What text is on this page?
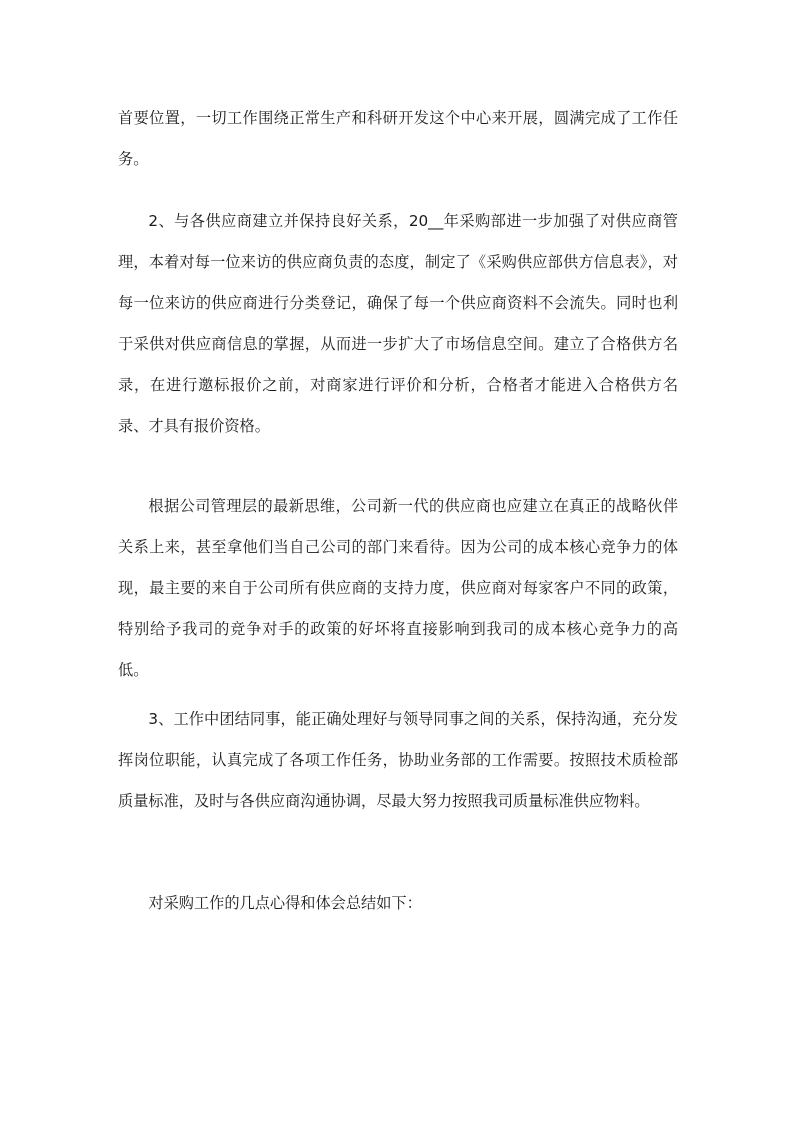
首要位置，一切工作围绕正常生产和科研开发这个中心来开展，圆满完成了工作任务。

2、与各供应商建立并保持良好关系，20__年采购部进一步加强了对供应商管理，本着对每一位来访的供应商负责的态度，制定了《采购供应部供方信息表》，对每一位来访的供应商进行分类登记，确保了每一个供应商资料不会流失。同时也利于采供对供应商信息的掌握，从而进一步扩大了市场信息空间。建立了合格供方名录，在进行邀标报价之前，对商家进行评价和分析，合格者才能进入合格供方名录、才具有报价资格。

根据公司管理层的最新思维，公司新一代的供应商也应建立在真正的战略伙伴关系上来，甚至拿他们当自己公司的部门来看待。因为公司的成本核心竞争力的体现，最主要的来自于公司所有供应商的支持力度，供应商对每家客户不同的政策，特别给予我司的竞争对手的政策的好坏将直接影响到我司的成本核心竞争力的高低。

3、工作中团结同事，能正确处理好与领导同事之间的关系，保持沟通，充分发挥岗位职能，认真完成了各项工作任务，协助业务部的工作需要。按照技术质检部质量标准，及时与各供应商沟通协调，尽最大努力按照我司质量标准供应物料。

对采购工作的几点心得和体会总结如下：
